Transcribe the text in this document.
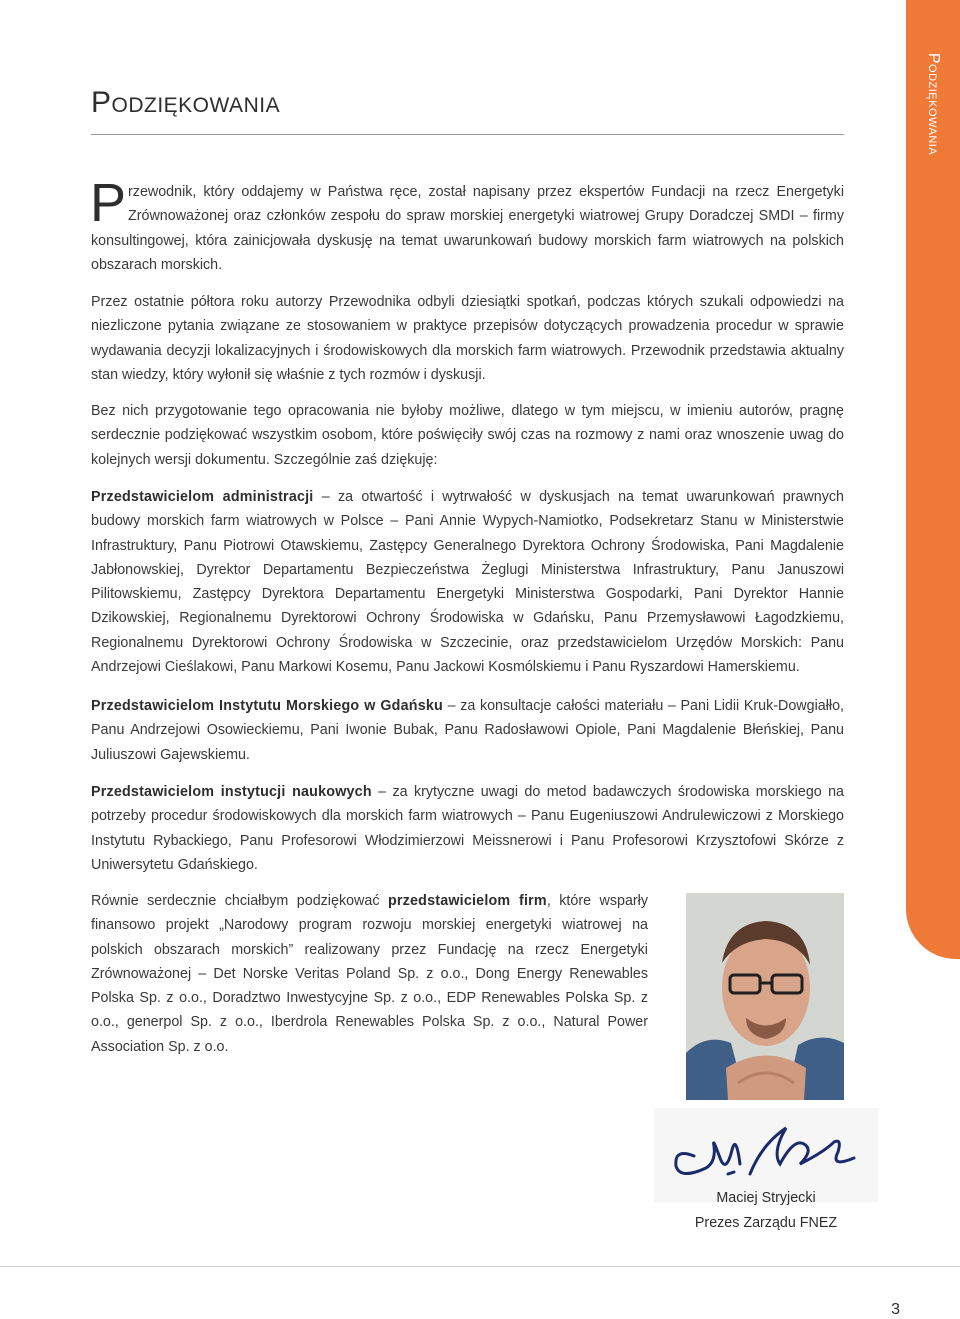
Podziękowania	Podziękowania

Przewodnik, który oddajemy w Państwa ręce, został napisany przez ekspertów Fundacji na rzecz Energetyki Zrównoważonej oraz członków zespołu do spraw morskiej energetyki wiatrowej Grupy Doradczej SMDI – firmy konsultingowej, która zainicjowała dyskusję na temat uwarunkowań budowy morskich farm wiatrowych na polskich obszarach morskich.

Przez ostatnie półtora roku autorzy Przewodnika odbyli dziesiątki spotkań, podczas których szukali odpowiedzi na niezliczone pytania związane ze stosowaniem w praktyce przepisów dotyczących prowadzenia procedur w sprawie wydawania decyzji lokalizacyjnych i środowiskowych dla morskich farm wiatrowych. Przewodnik przedstawia aktualny stan wiedzy, który wyłonił się właśnie z tych rozmów i dyskusji.

Bez nich przygotowanie tego opracowania nie byłoby możliwe, dlatego w tym miejscu, w imieniu autorów, pragnę serdecznie podziękować wszystkim osobom, które poświęciły swój czas na rozmowy z nami oraz wnoszenie uwag do kolejnych wersji dokumentu. Szczególnie zaś dziękuję:

Przedstawicielom administracji – za otwartość i wytrwałość w dyskusjach na temat uwarunkowań prawnych budowy morskich farm wiatrowych w Polsce – Pani Annie Wypych-Namiotko, Podsekretarz Stanu w Ministerstwie Infrastruktury, Panu Piotrowi Otawskiemu, Zastępcy Generalnego Dyrektora Ochrony Środowiska, Pani Magdalenie Jabłonowskiej, Dyrektor Departamentu Bezpieczeństwa Żeglugi Ministerstwa Infrastruktury, Panu Januszowi Pilitowskiemu, Zastępcy Dyrektora Departamentu Energetyki Ministerstwa Gospodarki, Pani Dyrektor Hannie Dzikowskiej, Regionalnemu Dyrektorowi Ochrony Środowiska w Gdańsku, Panu Przemysławowi Łagodzkiemu, Regionalnemu Dyrektorowi Ochrony Środowiska w Szczecinie, oraz przedstawicielom Urzędów Morskich: Panu Andrzejowi Cieślakowi, Panu Markowi Kosemu, Panu Jackowi Kosmólskiemu i Panu Ryszardowi Hamerskiemu.

Przedstawicielom Instytutu Morskiego w Gdańsku – za konsultacje całości materiału – Pani Lidii Kruk-Dowgiałło, Panu Andrzejowi Osowieckiemu, Pani Iwonie Bubak, Panu Radosławowi Opiole, Pani Magdalenie Błeńskiej, Panu Juliuszowi Gajewskiemu.

Przedstawicielom instytucji naukowych – za krytyczne uwagi do metod badawczych środowiska morskiego na potrzeby procedur środowiskowych dla morskich farm wiatrowych – Panu Eugeniuszowi Andrulewiczowi z Morskiego Instytutu Rybackiego, Panu Profesorowi Włodzimierzowi Meissnerowi i Panu Profesorowi Krzysztofowi Skórze z Uniwersytetu Gdańskiego.

Równie serdecznie chciałbym podziękować przedstawicielom firm, które wsparły finansowo projekt „Narodowy program rozwoju morskiej energetyki wiatrowej na polskich obszarach morskich” realizowany przez Fundację na rzecz Energetyki Zrównoważonej – Det Norske Veritas Poland Sp. z o.o., Dong Energy Renewables Polska Sp. z o.o., Doradztwo Inwestycyjne Sp. z o.o., EDP Renewables Polska Sp. z o.o., generpol Sp. z o.o., Iberdrola Renewables Polska Sp. z o.o., Natural Power Association Sp. z o.o.

Maciej Stryjecki

Prezes Zarządu FNEZ

3
